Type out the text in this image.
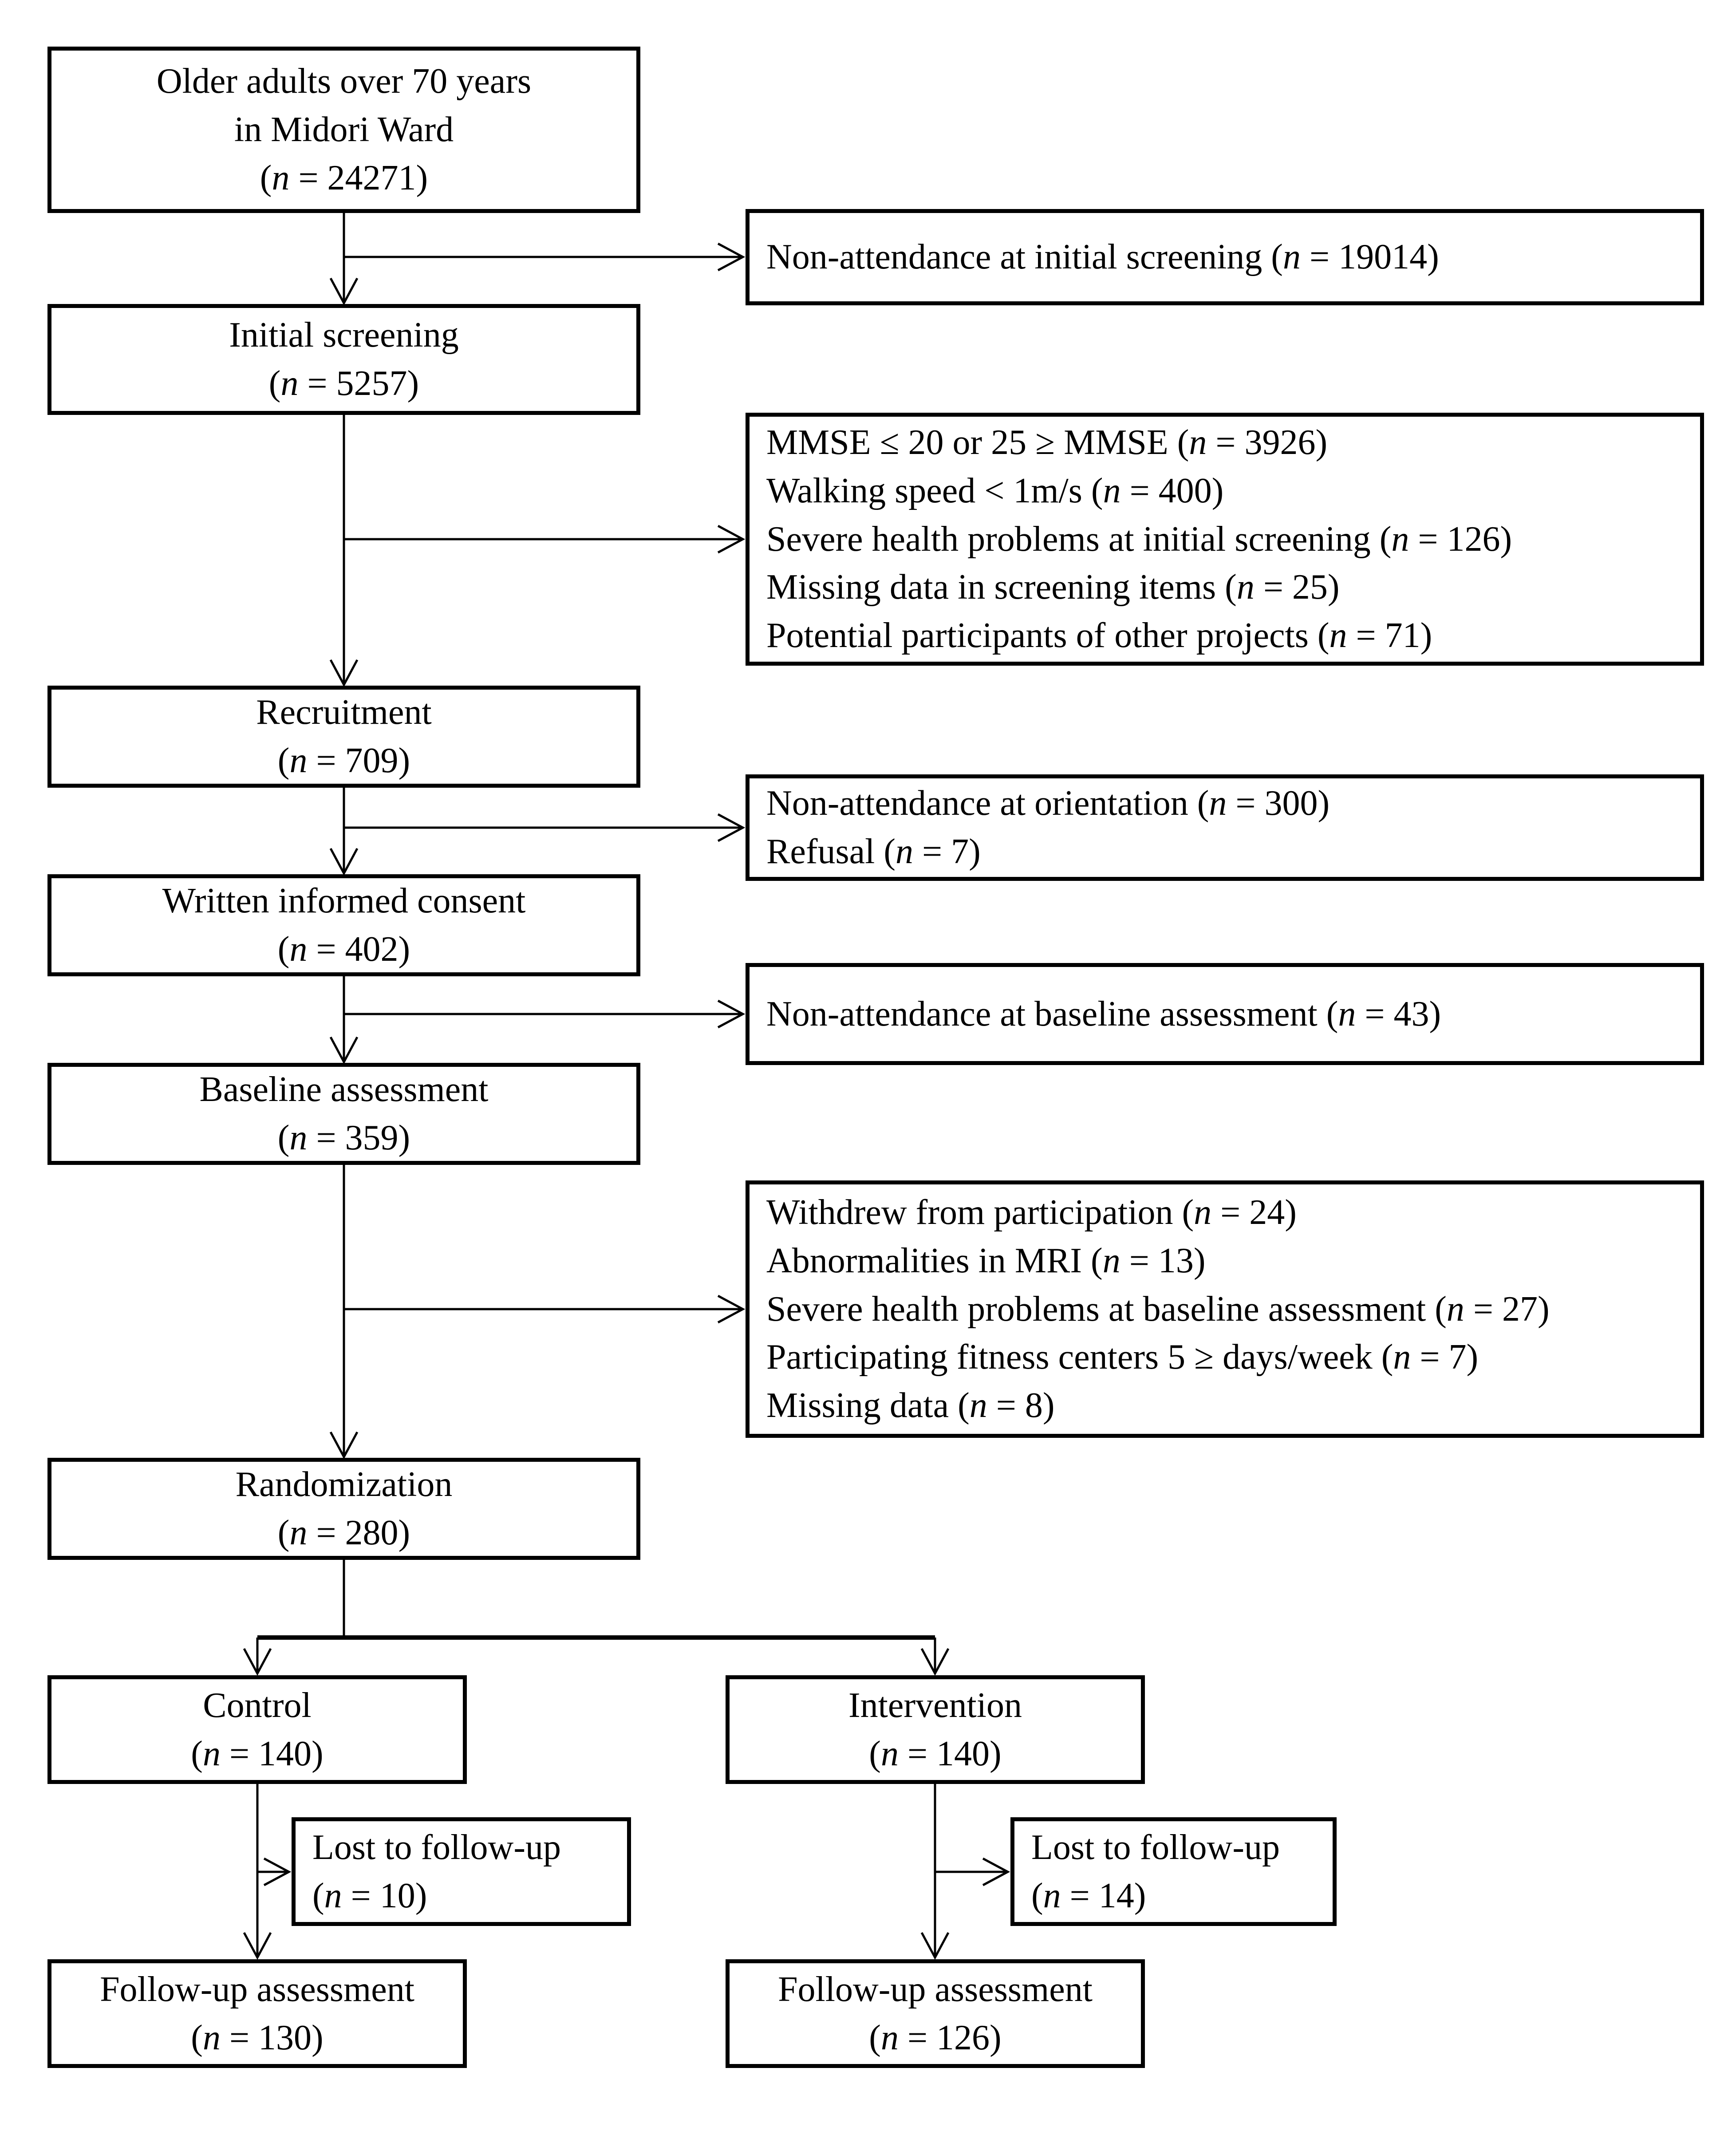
Older adults over 70 years
in Midori Ward
(n = 24271)
Initial screening
(n = 5257)
Recruitment
(n = 709)
Written informed consent
(n = 402)
Baseline assessment
(n = 359)
Randomization
(n = 280)
Non-attendance at initial screening (n = 19014)
MMSE ≤ 20 or 25 ≥ MMSE (n = 3926)
Walking speed < 1m/s (n = 400)
Severe health problems at initial screening (n = 126)
Missing data in screening items (n = 25)
Potential participants of other projects (n = 71)
Non-attendance at orientation (n = 300)
Refusal (n = 7)
Non-attendance at baseline assessment (n = 43)
Withdrew from participation (n = 24)
Abnormalities in MRI (n = 13)
Severe health problems at baseline assessment (n = 27)
Participating fitness centers 5 ≥ days/week (n = 7)
Missing data (n = 8)
Control
(n = 140)
Intervention
(n = 140)
Lost to follow-up
(n = 10)
Lost to follow-up
(n = 14)
Follow-up assessment
(n = 130)
Follow-up assessment
(n = 126)
